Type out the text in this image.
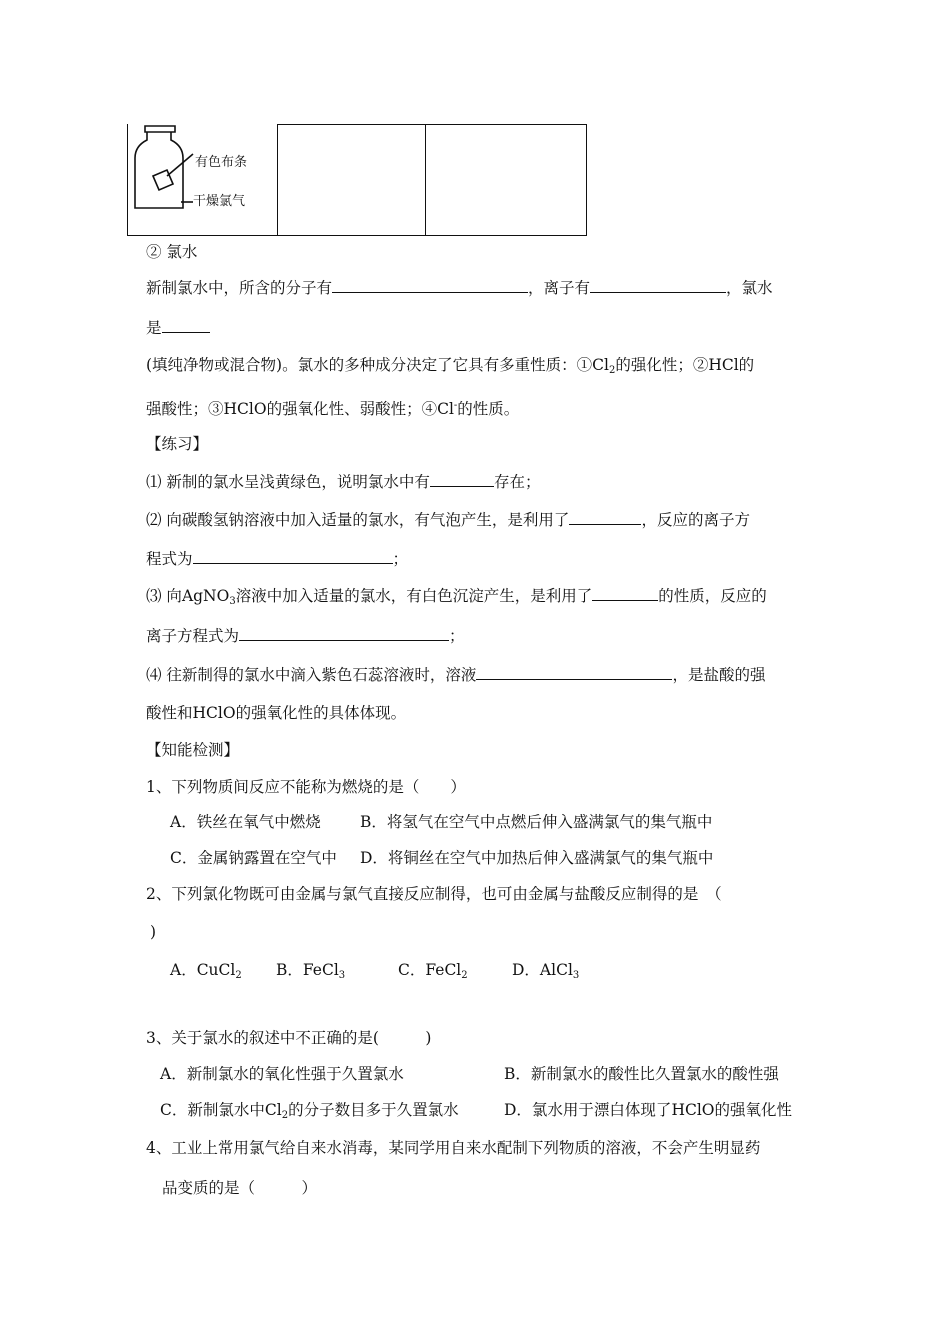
有色布条
干燥氯气
② 氯水
新制氯水中，所含的分子有	，离子有	，氯水
是
(填纯净物或混合物)。氯水的多种成分决定了它具有多重性质：①Cl2的强化性；②HCl的
强酸性；③HClO的强氧化性、弱酸性；④Cl-的性质。
【练习】
⑴ 新制的氯水呈浅黄绿色，说明氯水中有	存在；
⑵ 向碳酸氢钠溶液中加入适量的氯水，有气泡产生，是利用了	，反应的离子方
程式为	；
⑶ 向AgNO3溶液中加入适量的氯水，有白色沉淀产生，是利用了	的性质，反应的
离子方程式为	；
⑷ 往新制得的氯水中滴入紫色石蕊溶液时，溶液	，是盐酸的强
酸性和HClO的强氧化性的具体体现。
【知能检测】
1、下列物质间反应不能称为燃烧的是（　　）
A．铁丝在氧气中燃烧	B．将氢气在空气中点燃后伸入盛满氯气的集气瓶中
C．金属钠露置在空气中 D．将铜丝在空气中加热后伸入盛满氯气的集气瓶中
2、下列氯化物既可由金属与氯气直接反应制得，也可由金属与盐酸反应制得的是　（
)
A．CuCl2 B．FeCl3	C．FeCl2	D．AlCl3
3、关于氯水的叙述中不正确的是(　　　)
A．新制氯水的氧化性强于久置氯水	B．新制氯水的酸性比久置氯水的酸性强
C．新制氯水中Cl2的分子数目多于久置氯水	D．氯水用于漂白体现了HClO的强氧化性
4、工业上常用氯气给自来水消毒，某同学用自来水配制下列物质的溶液，不会产生明显药
品变质的是（　　　）
